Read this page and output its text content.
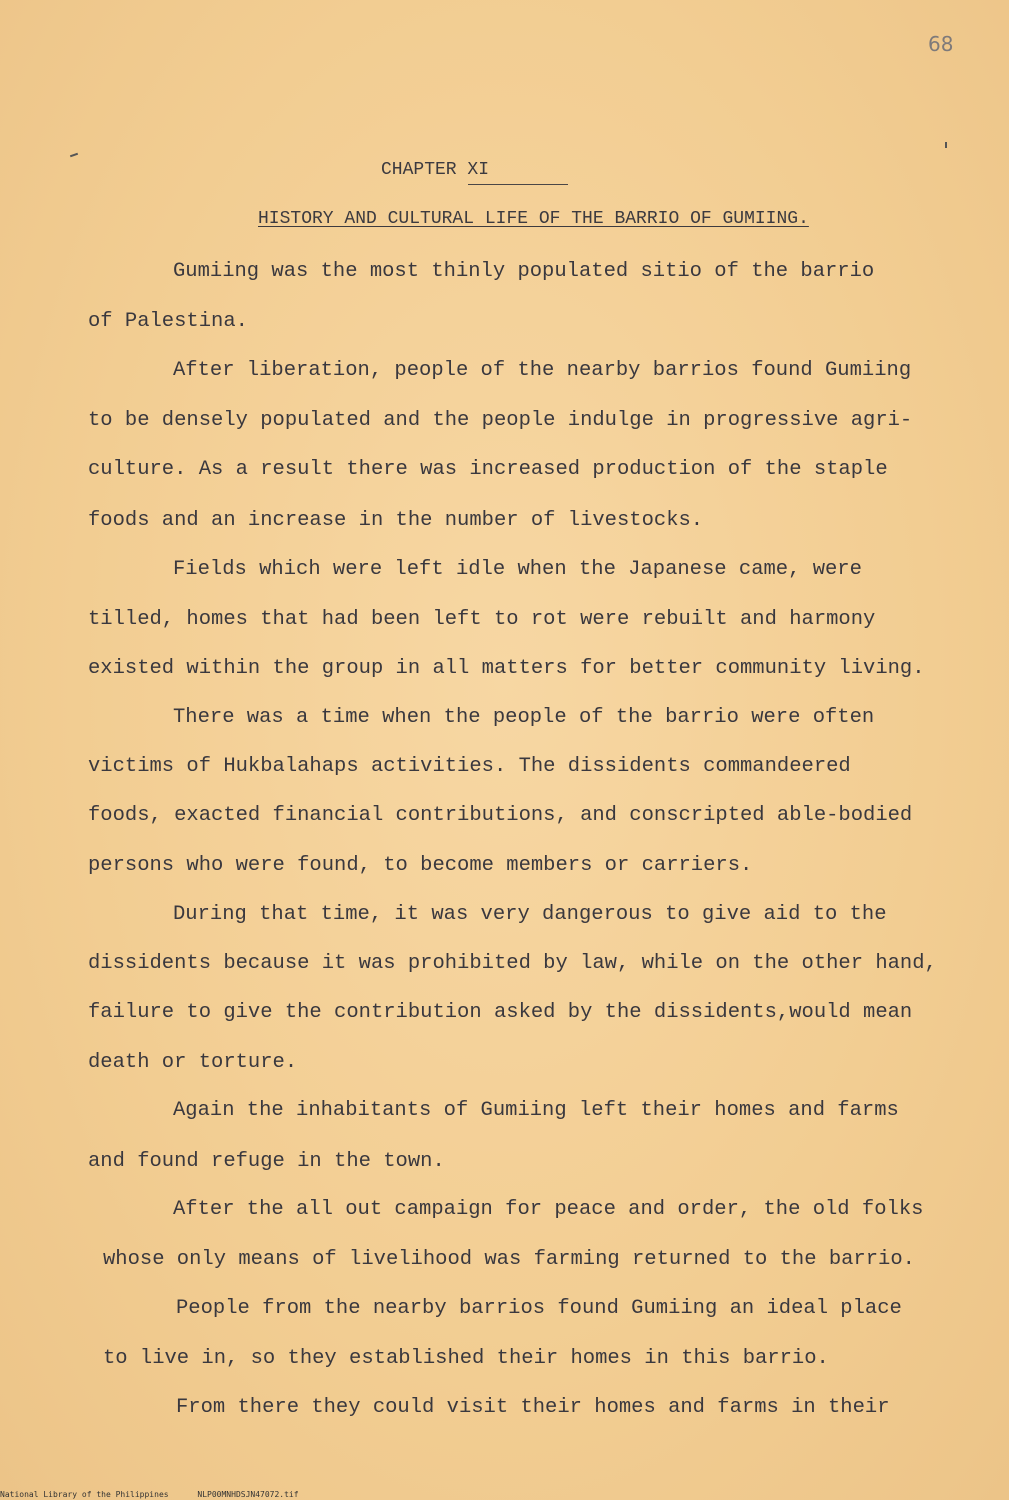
68
CHAPTER XI
HISTORY AND CULTURAL LIFE OF THE BARRIO OF GUMIING.
Gumiing was the most thinly populated sitio of the barrio
of Palestina.
After liberation, people of the nearby barrios found Gumiing
to be densely populated and the people indulge in progressive agri-
culture. As a result there was increased production of the staple
foods and an increase in the number of livestocks.
Fields which were left idle when the Japanese came, were
tilled, homes that had been left to rot were rebuilt and harmony
existed within the group in all matters for better community living.
There was a time when the people of the barrio were often
victims of Hukbalahaps activities. The dissidents commandeered
foods, exacted financial contributions, and conscripted able-bodied
persons who were found, to become members or carriers.
During that time, it was very dangerous to give aid to the
dissidents because it was prohibited by law, while on the other hand,
failure to give the contribution asked by the dissidents,would mean
death or torture.
Again the inhabitants of Gumiing left their homes and farms
and found refuge in the town.
After the all out campaign for peace and order, the old folks
whose only means of livelihood was farming returned to the barrio.
People from the nearby barrios found Gumiing an ideal place
to live in, so they established their homes in this barrio.
From there they could visit their homes and farms in their
National Library of the Philippines	NLP00MNHDSJN47072.tif
